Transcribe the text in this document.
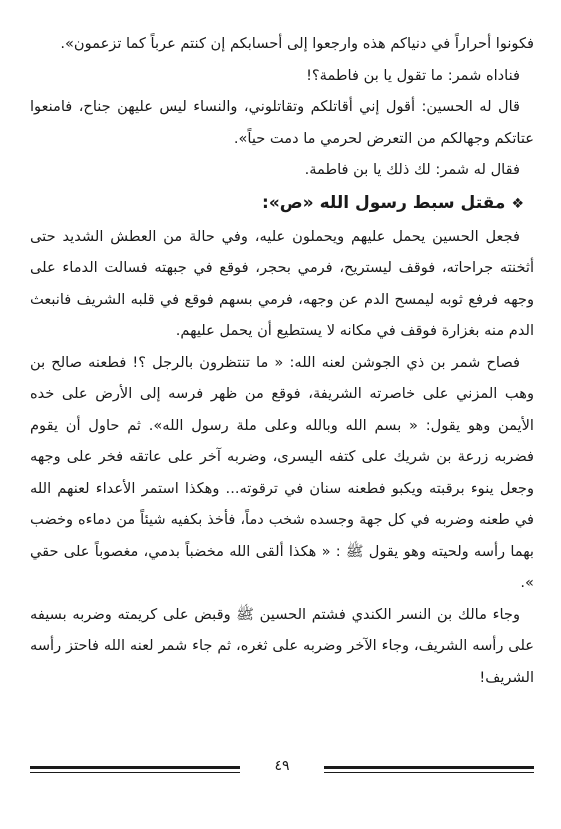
فكونوا أحراراً في دنياكم هذه وارجعوا إلى أحسابكم إن كنتم عرباً كما تزعمون».

فناداه شمر: ما تقول يا بن فاطمة؟!

قال له الحسين: أقول إني أقاتلكم وتقاتلوني، والنساء ليس عليهن جناح، فامنعوا عتاتكم وجهالكم من التعرض لحرمي ما دمت حياً».

فقال له شمر: لك ذلك يا بن فاطمة.

❖مقتل سبط رسول الله «ص»:

فجعل الحسين يحمل عليهم ويحملون عليه، وفي حالة من العطش الشديد حتى أثخنته جراحاته، فوقف ليستريح، فرمي بحجر، فوقع في جبهته فسالت الدماء على وجهه فرفع ثوبه ليمسح الدم عن وجهه، فرمي بسهم فوقع في قلبه الشريف فانبعث الدم منه بغزارة فوقف في مكانه لا يستطيع أن يحمل عليهم.

فصاح شمر بن ذي الجوشن لعنه الله: « ما تنتظرون بالرجل ؟! فطعنه صالح بن وهب المزني على خاصرته الشريفة، فوقع من ظهر فرسه إلى الأرض على خده الأيمن وهو يقول: « بسم الله وبالله وعلى ملة رسول الله». ثم حاول أن يقوم فضربه زرعة بن شريك على كتفه اليسرى، وضربه آخر على عاتقه فخر على وجهه وجعل ينوء برقبته ويكبو فطعنه سنان في ترقوته... وهكذا استمر الأعداء لعنهم الله في طعنه وضربه في كل جهة وجسده شخب دماً، فأخذ بكفيه شيئاً من دماءه وخضب بهما رأسه ولحيته وهو يقول ﷺ : « هكذا ألقى الله مخضباً بدمي، مغصوباً على حقي ».

وجاء مالك بن النسر الكندي فشتم الحسين ﷺ وقبض على كريمته وضربه بسيفه على رأسه الشريف، وجاء الآخر وضربه على ثغره، ثم جاء شمر لعنه الله فاحتز رأسه الشريف!

٤٩
